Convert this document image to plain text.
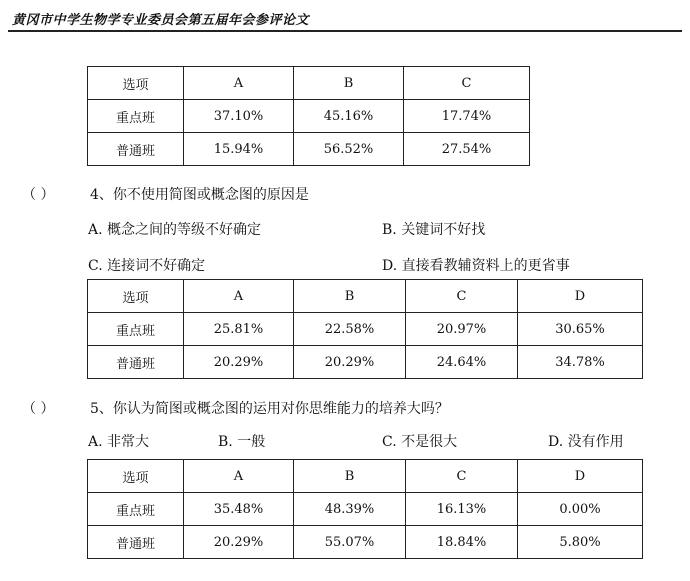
黄冈市中学生物学专业委员会第五届年会参评论文
选项	A	B	C
重点班	37.10%	45.16%	17.74%
普通班	15.94%	56.52%	27.54%
（ ）	4、你不使用简图或概念图的原因是
A. 概念之间的等级不好确定	B. 关键词不好找
C. 连接词不好确定	D. 直接看教辅资料上的更省事
选项	A	B	C	D
重点班	25.81%	22.58%	20.97%	30.65%
普通班	20.29%	20.29%	24.64%	34.78%
（ ）	5、你认为简图或概念图的运用对你思维能力的培养大吗？
A. 非常大	B. 一般	C. 不是很大	D. 没有作用
选项	A	B	C	D
重点班	35.48%	48.39%	16.13%	0.00%
普通班	20.29%	55.07%	18.84%	5.80%
